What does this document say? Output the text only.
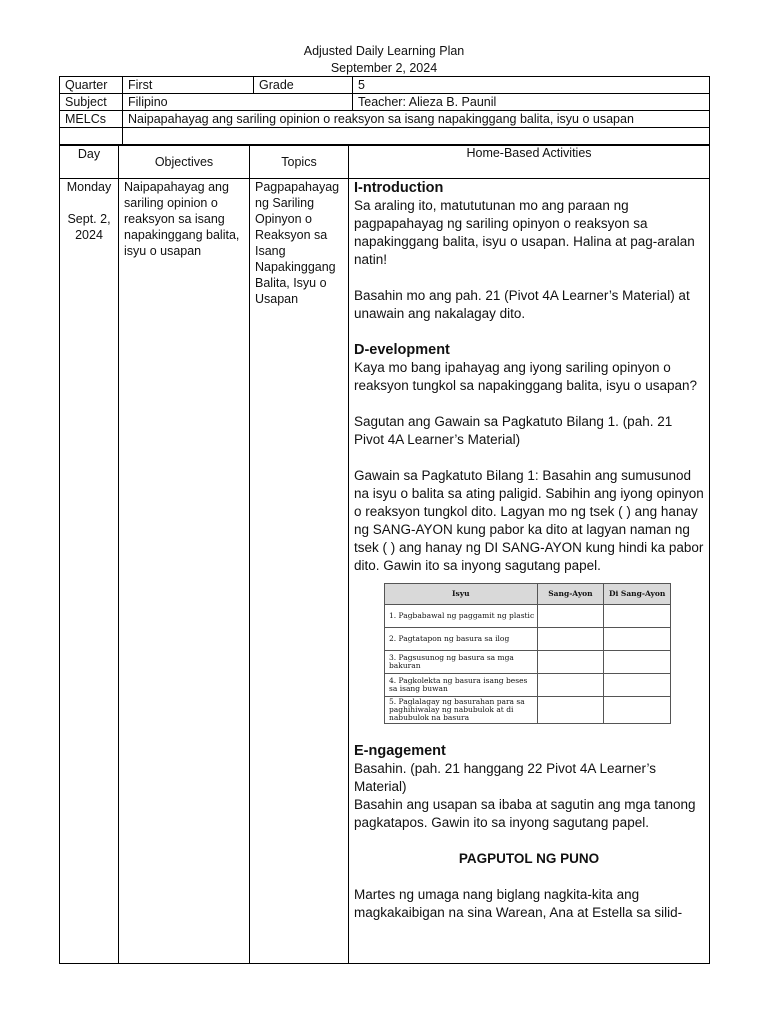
Adjusted Daily Learning Plan
September 2, 2024
Quarter	First	Grade	5
Subject	Filipino		Teacher: Alieza B. Paunil
MELCs	Naipapahayag ang sariling opinion o reaksyon sa isang napakinggang balita, isyu o usapan		

Day	Objectives	Topics	Home-Based Activities

Monday
Sept. 2, 2024
	Naipapahayag ang sariling opinion o reaksyon sa isang napakinggang balita, isyu o usapan	Pagpapahayag ng Sariling Opinyon o Reaksyon sa Isang Napakinggang Balita, Isyu o Usapan	
I-ntroduction

Sa araling ito, matututunan mo ang paraan ng pagpapahayag ng sariling opinyon o reaksyon sa napakinggang balita, isyu o usapan. Halina at pag-aralan natin!

Basahin mo ang pah. 21 (Pivot 4A Learner’s Material) at unawain ang nakalagay dito.

D-evelopment

Kaya mo bang ipahayag ang iyong sariling opinyon o reaksyon tungkol sa napakinggang balita, isyu o usapan?

Sagutan ang Gawain sa Pagkatuto Bilang 1. (pah. 21 Pivot 4A Learner’s Material)

Gawain sa Pagkatuto Bilang 1: Basahin ang sumusunod na isyu o balita sa ating paligid. Sabihin ang iyong opinyon o reaksyon tungkol dito. Lagyan mo ng tsek ( ) ang hanay ng SANG-AYON kung pabor ka dito at lagyan naman ng tsek ( ) ang hanay ng DI SANG-AYON kung hindi ka pabor dito. Gawin ito sa inyong sagutang papel.

Isyu	Sang-Ayon	Di Sang-Ayon
1. Pagbabawal ng paggamit ng plastic		
2. Pagtatapon ng basura sa ilog		
3. Pagsusunog ng basura sa mga bakuran		
4. Pagkolekta ng basura isang beses sa isang buwan		
5. Paglalagay ng basurahan para sa paghihiwalay ng nabubulok at di nabubulok na basura		
E-ngagement

Basahin. (pah. 21 hanggang 22 Pivot 4A Learner’s Material)

Basahin ang usapan sa ibaba at sagutin ang mga tanong pagkatapos. Gawin ito sa inyong sagutang papel.

PAGPUTOL NG PUNO

Martes ng umaga nang biglang nagkita-kita ang magkakaibigan na sina Warean, Ana at Estella sa silid-
